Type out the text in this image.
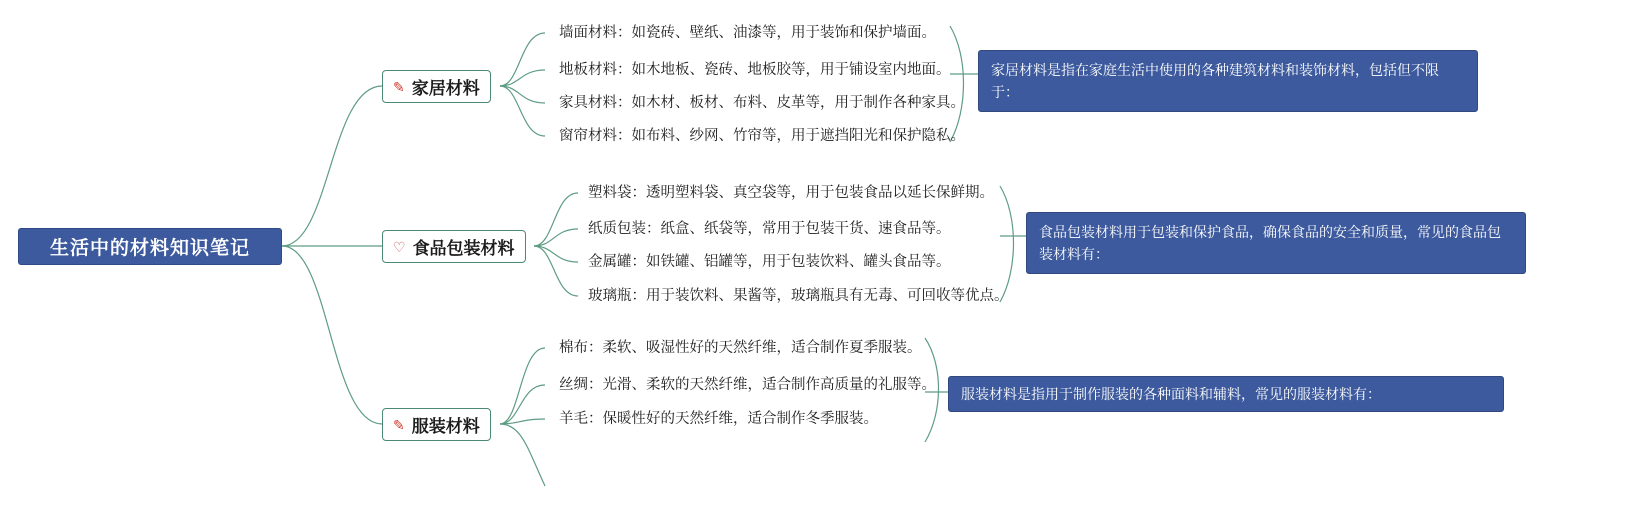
生活中的材料知识笔记
✎ 家居材料
墙面材料：如瓷砖、壁纸、油漆等，用于装饰和保护墙面。
地板材料：如木地板、瓷砖、地板胶等，用于铺设室内地面。
家具材料：如木材、板材、布料、皮革等，用于制作各种家具。
窗帘材料：如布料、纱网、竹帘等，用于遮挡阳光和保护隐私。
家居材料是指在家庭生活中使用的各种建筑材料和装饰材料，包括但不限于：
♡ 食品包装材料
塑料袋：透明塑料袋、真空袋等，用于包装食品以延长保鲜期。
纸质包装：纸盒、纸袋等，常用于包装干货、速食品等。
金属罐：如铁罐、铝罐等，用于包装饮料、罐头食品等。
玻璃瓶：用于装饮料、果酱等，玻璃瓶具有无毒、可回收等优点。
食品包装材料用于包装和保护食品，确保食品的安全和质量，常见的食品包装材料有：
✎ 服装材料
棉布：柔软、吸湿性好的天然纤维，适合制作夏季服装。
丝绸：光滑、柔软的天然纤维，适合制作高质量的礼服等。
羊毛：保暖性好的天然纤维，适合制作冬季服装。
服装材料是指用于制作服装的各种面料和辅料，常见的服装材料有：
